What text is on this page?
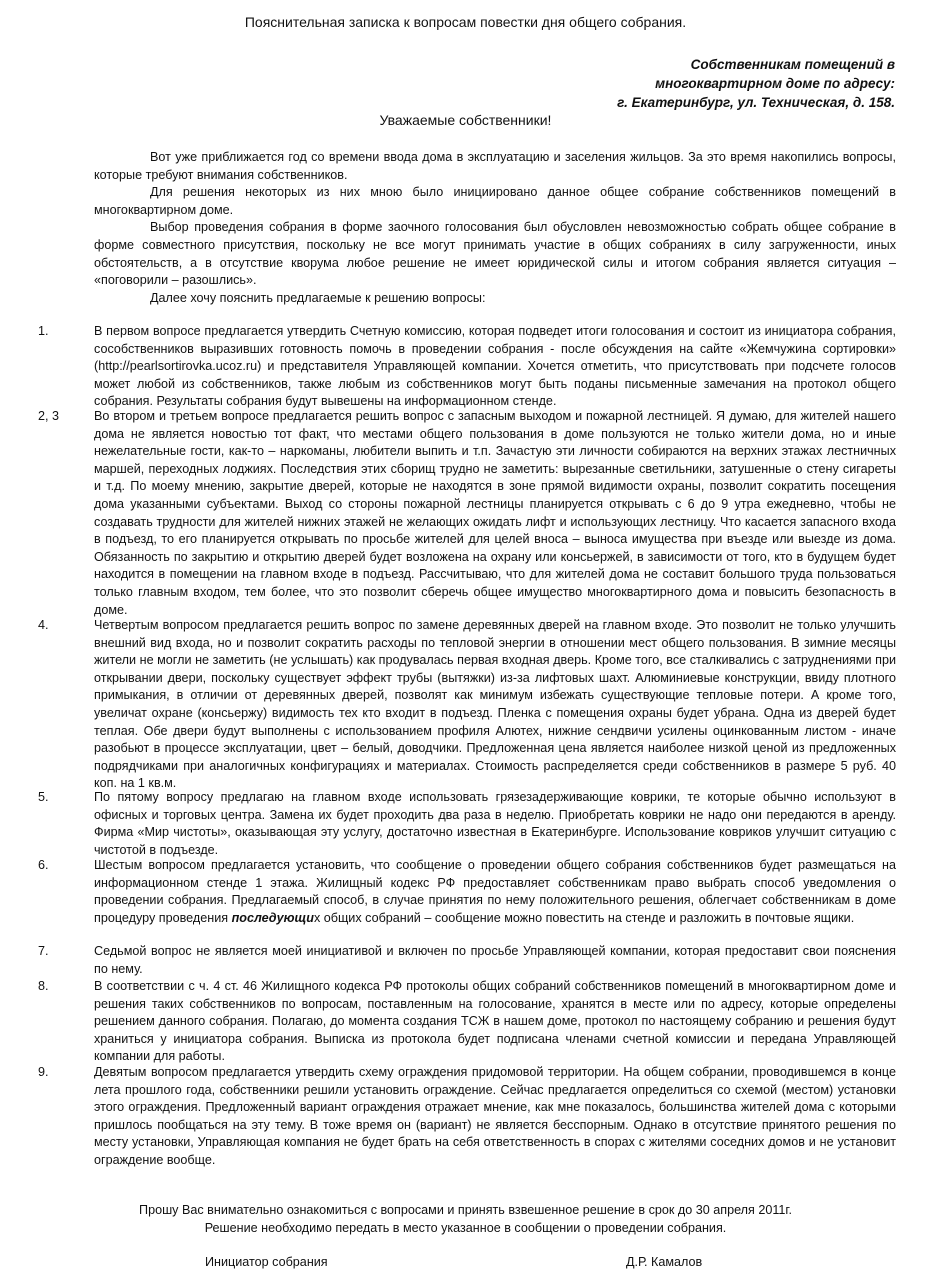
Пояснительная записка к вопросам повестки дня общего собрания.
Собственникам помещений в
многоквартирном доме по адресу:
г. Екатеринбург, ул. Техническая, д. 158.
Уважаемые собственники!

Вот уже приближается год со времени ввода дома в эксплуатацию и заселения жильцов. За это время накопились вопросы, которые требуют внимания собственников.

Для решения некоторых из них мною было инициировано данное общее собрание собственников помещений в многоквартирном доме.

Выбор проведения собрания в форме заочного голосования был обусловлен невозможностью собрать общее собрание в форме совместного присутствия, поскольку не все могут принимать участие в общих собраниях в силу загруженности, иных обстоятельств, а в отсутствие кворума любое решение не имеет юридической силы и итогом собрания является ситуация – «поговорили – разошлись».

Далее хочу пояснить предлагаемые к решению вопросы:

1.	В первом вопросе предлагается утвердить Счетную комиссию, которая подведет итоги голосования и состоит из инициатора собрания, сособственников выразивших готовность помочь в проведении собрания - после обсуждения на сайте «Жемчужина сортировки» (http://pearlsortirovka.ucoz.ru) и представителя Управляющей компании. Хочется отметить, что присутствовать при подсчете голосов может любой из собственников, также любым из собственников могут быть поданы письменные замечания на протокол общего собрания. Результаты собрания будут вывешены на информационном стенде.
2, 3	Во втором и третьем вопросе предлагается решить вопрос с запасным выходом и пожарной лестницей. Я думаю, для жителей нашего дома не является новостью тот факт, что местами общего пользования в доме пользуются не только жители дома, но и иные нежелательные гости, как-то – наркоманы, любители выпить и т.п. Зачастую эти личности собираются на верхних этажах лестничных маршей, переходных лоджиях. Последствия этих сборищ трудно не заметить: вырезанные светильники, затушенные о стену сигареты и т.д. По моему мнению, закрытие дверей, которые не находятся в зоне прямой видимости охраны, позволит сократить посещения дома указанными субъектами. Выход со стороны пожарной лестницы планируется открывать с 6 до 9 утра ежедневно, чтобы не создавать трудности для жителей нижних этажей не желающих ожидать лифт и использующих лестницу. Что касается запасного входа в подъезд, то его планируется открывать по просьбе жителей для целей вноса – выноса имущества при въезде или выезде из дома. Обязанность по закрытию и открытию дверей будет возложена на охрану или консьержей, в зависимости от того, кто в будущем будет находится в помещении на главном входе в подъезд. Рассчитываю, что для жителей дома не составит большого труда пользоваться только главным входом, тем более, что это позволит сберечь общее имущество многоквартирного дома и повысить безопасность в доме.
4.	Четвертым вопросом предлагается решить вопрос по замене деревянных дверей на главном входе. Это позволит не только улучшить внешний вид входа, но и позволит сократить расходы по тепловой энергии в отношении мест общего пользования. В зимние месяцы жители не могли не заметить (не услышать) как продувалась первая входная дверь. Кроме того, все сталкивались с затруднениями при открывании двери, поскольку существует эффект трубы (вытяжки) из-за лифтовых шахт. Алюминиевые конструкции, ввиду плотного примыкания, в отличии от деревянных дверей, позволят как минимум избежать существующие тепловые потери. А кроме того, увеличат охране (консьержу) видимость тех кто входит в подъезд. Пленка с помещения охраны будет убрана. Одна из дверей будет теплая. Обе двери будут выполнены с использованием профиля Алютех, нижние сендвичи усилены оцинкованным листом - иначе разобьют в процессе эксплуатации, цвет – белый, доводчики. Предложенная цена является наиболее низкой ценой из предложенных подрядчиками при аналогичных конфигурациях и материалах. Стоимость распределяется среди собственников в размере 5 руб. 40 коп. на 1 кв.м.
5.	По пятому вопросу предлагаю на главном входе использовать грязезадерживающие коврики, те которые обычно используют в офисных и торговых центра. Замена их будет проходить два раза в неделю. Приобретать коврики не надо они передаются в аренду. Фирма «Мир чистоты», оказывающая эту услугу, достаточно известная в Екатеринбурге. Использование ковриков улучшит ситуацию с чистотой в подъезде.
6.	Шестым вопросом предлагается установить, что сообщение о проведении общего собрания собственников будет размещаться на информационном стенде 1 этажа. Жилищный кодекс РФ предоставляет собственникам право выбрать способ уведомления о проведении собрания. Предлагаемый способ, в случае принятия по нему положительного решения, облегчает собственникам в доме процедуру проведения последующих общих собраний – сообщение можно повестить на стенде и разложить в почтовые ящики.
7.	Седьмой вопрос не является моей инициативой и включен по просьбе Управляющей компании, которая предоставит свои пояснения по нему.
8.	В соответствии с ч. 4 ст. 46 Жилищного кодекса РФ протоколы общих собраний собственников помещений в многоквартирном доме и решения таких собственников по вопросам, поставленным на голосование, хранятся в месте или по адресу, которые определены решением данного собрания. Полагаю, до момента создания ТСЖ в нашем доме, протокол по настоящему собранию и решения будут храниться у инициатора собрания. Выписка из протокола будет подписана членами счетной комиссии и передана Управляющей компании для работы.
9.	Девятым вопросом предлагается утвердить схему ограждения придомовой территории. На общем собрании, проводившемся в конце лета прошлого года, собственники решили установить ограждение. Сейчас предлагается определиться со схемой (местом) установки этого ограждения. Предложенный вариант ограждения отражает мнение, как мне показалось, большинства жителей дома с которыми пришлось пообщаться на эту тему. В тоже время он (вариант) не является бесспорным. Однако в отсутствие принятого решения по месту установки, Управляющая компания не будет брать на себя ответственность в спорах с жителями соседних домов и не установит ограждение вообще.

Прошу Вас внимательно ознакомиться с вопросами и принять взвешенное решение в срок до 30 апреля 2011г.

Решение необходимо передать в место указанное в сообщении о проведении собрания.

Инициатор собрания	Д.Р. Камалов
